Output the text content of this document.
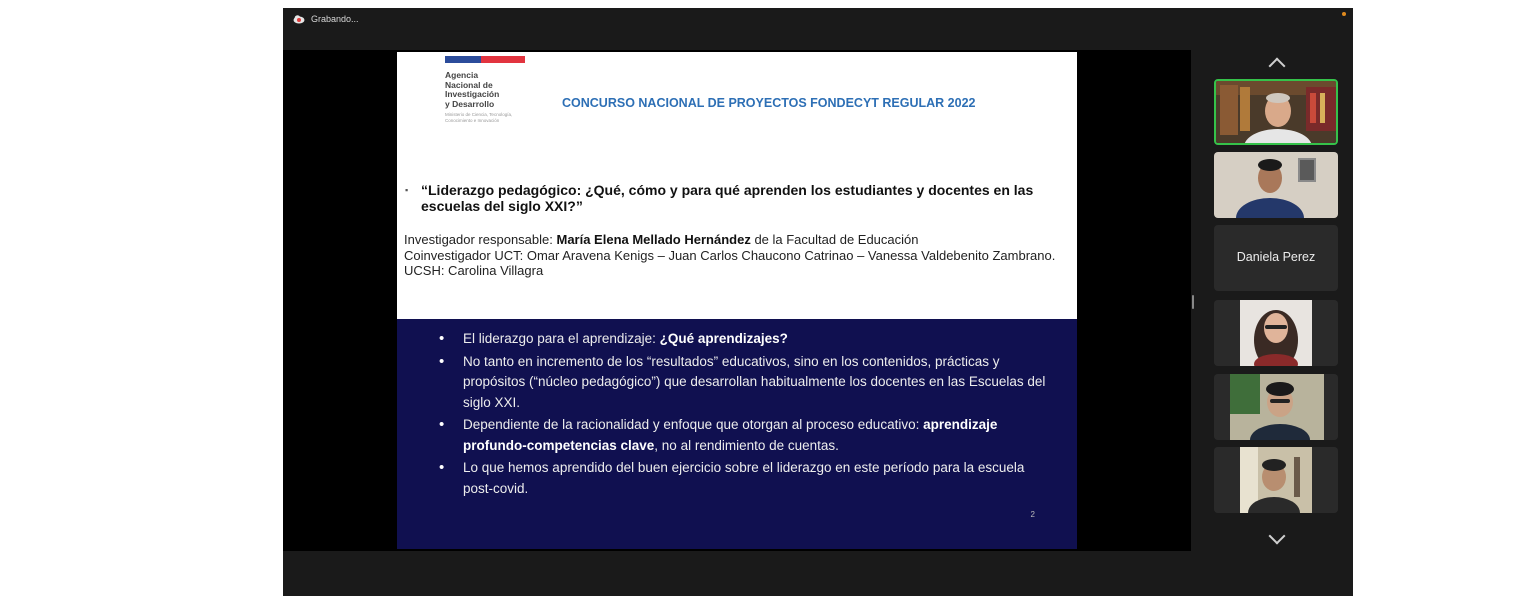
Grabando...
Agencia
Nacional de
Investigación
y Desarrollo
Ministerio de Ciencia, Tecnología, Conocimiento e Innovación
CONCURSO NACIONAL DE PROYECTOS FONDECYT REGULAR 2022
▪ “Liderazgo pedagógico: ¿Qué, cómo y para qué aprenden los estudiantes y docentes en las escuelas del siglo XXI?”
Investigador responsable: María Elena Mellado Hernández de la Facultad de Educación
Coinvestigador UCT: Omar Aravena Kenigs – Juan Carlos Chaucono Catrinao – Vanessa Valdebenito Zambrano. UCSH: Carolina Villagra
• El liderazgo para el aprendizaje: ¿Qué aprendizajes?
• No tanto en incremento de los “resultados” educativos, sino en los contenidos, prácticas y propósitos (“núcleo pedagógico”) que desarrollan habitualmente los docentes en las Escuelas del siglo XXI.
• Dependiente de la racionalidad y enfoque que otorgan al proceso educativo: aprendizaje profundo-competencias clave, no al rendimiento de cuentas.
• Lo que hemos aprendido del buen ejercicio sobre el liderazgo en este período para la escuela post-covid.
2
Daniela Perez
